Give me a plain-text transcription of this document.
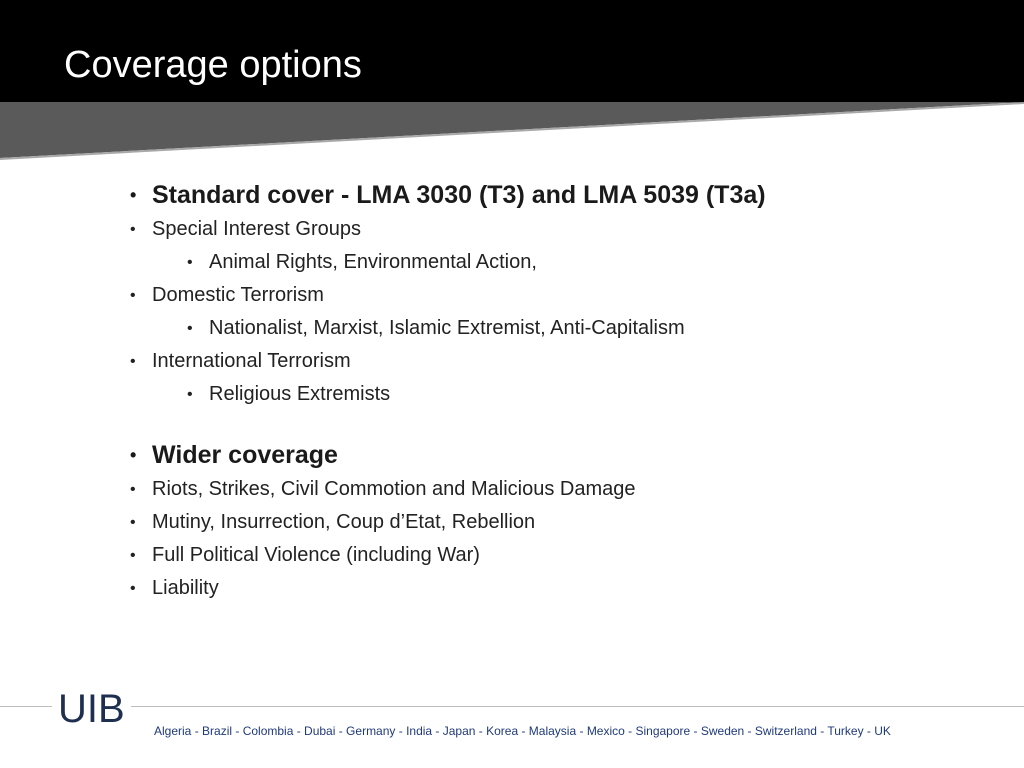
Coverage options
• Standard cover - LMA 3030 (T3) and LMA 5039 (T3a)
• Special Interest Groups
• Animal Rights, Environmental Action,
• Domestic Terrorism
• Nationalist, Marxist, Islamic Extremist, Anti-Capitalism
• International Terrorism
• Religious Extremists
• Wider coverage
• Riots, Strikes, Civil Commotion and Malicious Damage
• Mutiny, Insurrection, Coup d’Etat, Rebellion
• Full Political Violence (including War)
• Liability
UIB	Algeria - Brazil - Colombia - Dubai - Germany - India - Japan - Korea - Malaysia - Mexico - Singapore - Sweden - Switzerland - Turkey - UK
